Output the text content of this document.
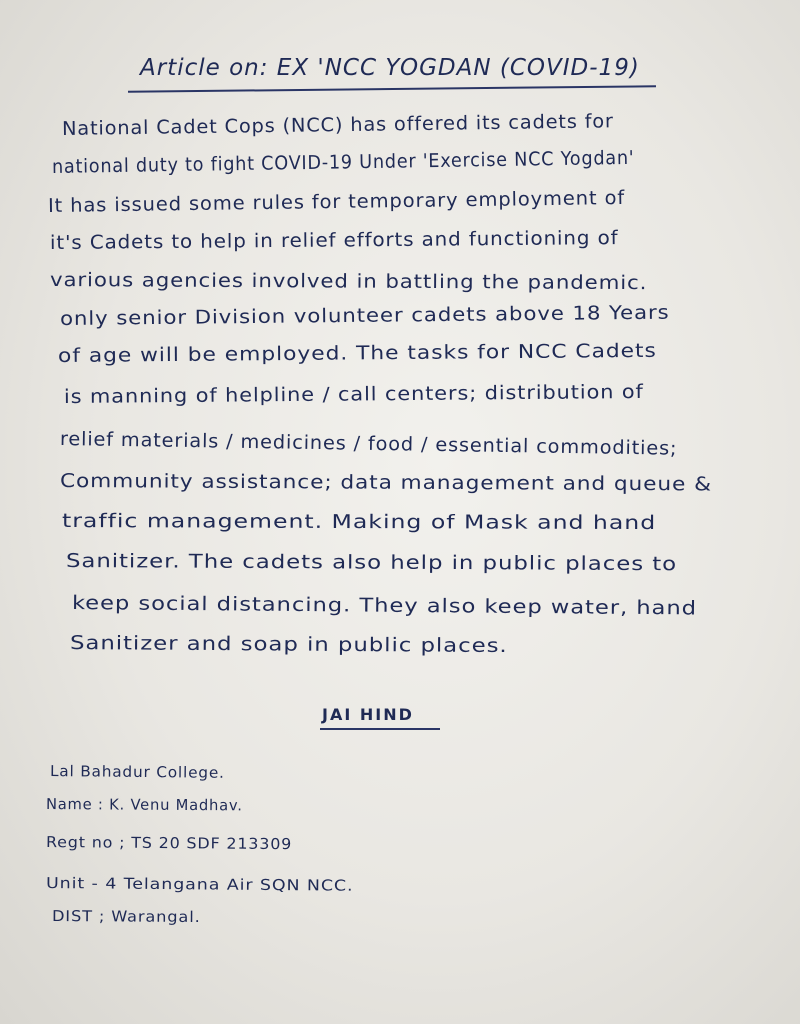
Article on: EX 'NCC YOGDAN (COVID-19)
National Cadet Cops (NCC) has offered its cadets for
national duty to fight COVID-19 Under 'Exercise NCC Yogdan'
It has issued some rules for temporary employment of
it's Cadets to help in relief efforts and functioning of
various agencies involved in battling the pandemic.
only senior Division volunteer cadets above 18 Years
of age will be employed. The tasks for NCC Cadets
is manning of helpline / call centers; distribution of
relief materials / medicines / food / essential commodities;
Community assistance; data management and queue &
traffic management. Making of Mask and hand
Sanitizer. The cadets also help in public places to
keep social distancing. They also keep water, hand
Sanitizer and soap in public places.
JAI HIND
Lal Bahadur College.
Name : K. Venu Madhav.
Regt no ; TS 20 SDF 213309
Unit - 4 Telangana Air SQN NCC.
DIST ; Warangal.
